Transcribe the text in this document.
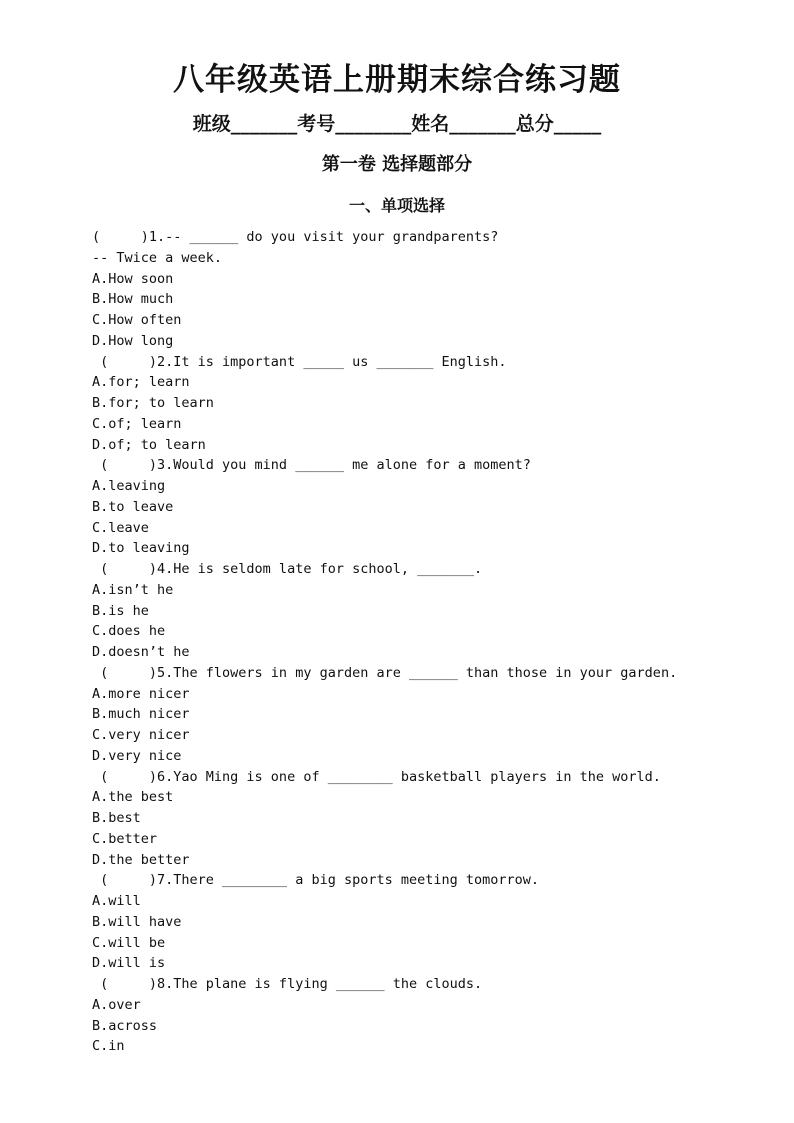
八年级英语上册期末综合练习题
班级_______考号________姓名_______总分_____
第一卷 选择题部分
一、单项选择
(     )1.-- ______ do you visit your grandparents?
-- Twice a week.
A.How soon
B.How much
C.How often
D.How long
(     )2.It is important _____ us _______ English.
A.for; learn
B.for; to learn
C.of; learn
D.of; to learn
(     )3.Would you mind ______ me alone for a moment?
A.leaving
B.to leave
C.leave
D.to leaving
(     )4.He is seldom late for school, _______.
A.isn’t he
B.is he
C.does he
D.doesn’t he
(     )5.The flowers in my garden are ______ than those in your garden.
A.more nicer
B.much nicer
C.very nicer
D.very nice
(     )6.Yao Ming is one of ________ basketball players in the world.
A.the best
B.best
C.better
D.the better
(     )7.There ________ a big sports meeting tomorrow.
A.will
B.will have
C.will be
D.will is
(     )8.The plane is flying ______ the clouds.
A.over
B.across
C.in
